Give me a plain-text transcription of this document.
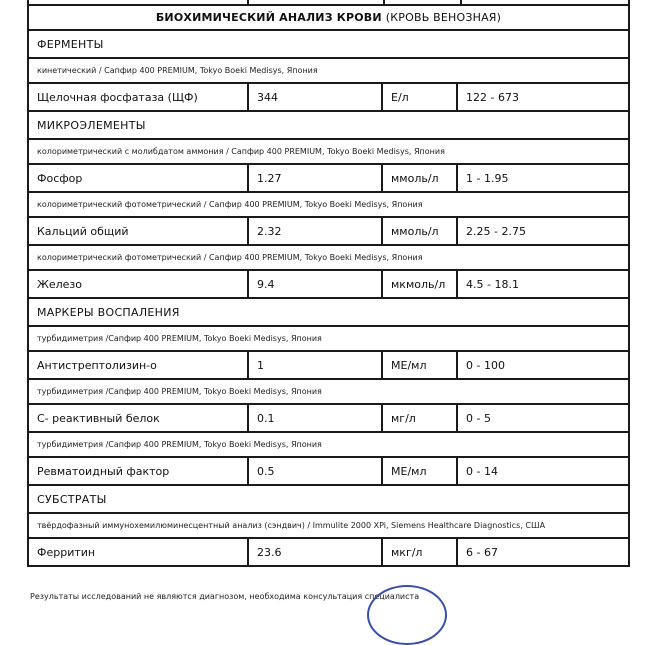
БИОХИМИЧЕСКИЙ АНАЛИЗ КРОВИ (КРОВЬ ВЕНОЗНАЯ)
ФЕРМЕНТЫ
кинетический / Сапфир 400 PREMIUM, Tokyo Boeki Medisys, Япония
Щелочная фосфатаза (ЩФ)	344	Е/л	122 - 673
МИКРОЭЛЕМЕНТЫ
колориметрический с молибдатом аммония / Сапфир 400 PREMIUM, Tokyo Boeki Medisys, Япония
Фосфор	1.27	ммоль/л	1 - 1.95
колориметрический фотометрический / Сапфир 400 PREMIUM, Tokyo Boeki Medisys, Япония
Кальций общий	2.32	ммоль/л	2.25 - 2.75
колориметрический фотометрический / Сапфир 400 PREMIUM, Tokyo Boeki Medisys, Япония
Железо	9.4	мкмоль/л	4.5 - 18.1
МАРКЕРЫ ВОСПАЛЕНИЯ
турбидиметрия /Сапфир 400 PREMIUM, Tokyo Boeki Medisys, Япония
Антистрептолизин-о	1	МЕ/мл	0 - 100
турбидиметрия /Сапфир 400 PREMIUM, Tokyo Boeki Medisys, Япония
С- реактивный белок	0.1	мг/л	0 - 5
турбидиметрия /Сапфир 400 PREMIUM, Tokyo Boeki Medisys, Япония
Ревматоидный фактор	0.5	МЕ/мл	0 - 14
СУБСТРАТЫ
твёрдофазный иммунохемилюминесцентный анализ (сэндвич) / Immulite 2000 XPi, Siemens Healthcare Diagnostics, США
Ферритин	23.6	мкг/л	6 - 67
Результаты исследований не являются диагнозом, необходима консультация специалиста
